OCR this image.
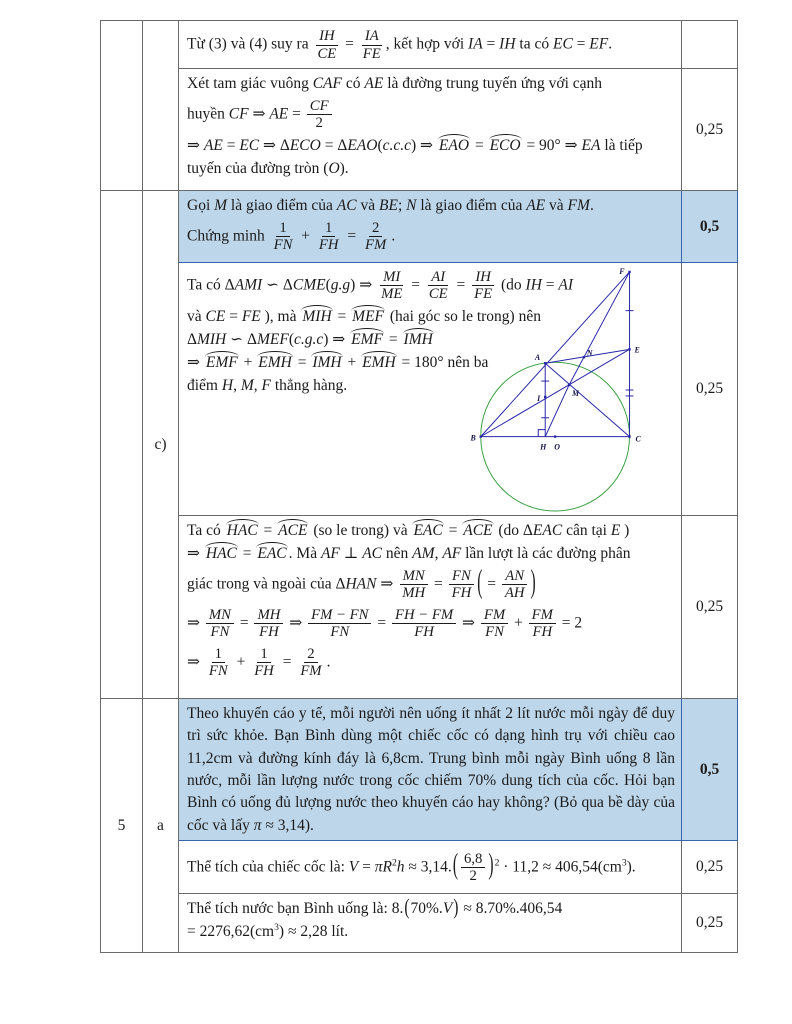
Từ (3) và (4) suy ra $\frac{IH}{CE} = \frac{IA}{FE}$ , kết hợp với IA = IH ta có EC = EF.

Xét tam giác vuông CAF có AE là đường trung tuyến ứng với cạnh
huyền CF ⇒ AE = $\frac{CF}{2}$
⇒ AE = EC ⇒ ΔECO = ΔEAO(c.c.c) ⇒ EAO = ECO = 90° ⇒ EA là tiếp
tuyến của đường tròn (O).
	0,25
	c)	
Gọi M là giao điểm của AC và BE; N là giao điểm của AE và FM.
Chứng minh $\frac{1}{FN} + \frac{1}{FH} = \frac{2}{FM}$ .
	0,5

Ta có ΔAMI ∽ ΔCME(g.g) ⇒ $\frac{MI}{ME} = \frac{AI}{CE} = \frac{IH}{FE} (do$ IH = AI
và CE = FE ), mà MIH = MEF (hai góc so le trong) nên
ΔMIH ∽ ΔMEF(c.g.c) ⇒ EMF = IMH
⇒ EMF + EMH = IMH + EMH = 180° nên ba
điểm H, M, F thẳng hàng.
F
E
A
B	C
H O
I
M
N
	0,25

Ta có HAC = ACE (so le trong) và EAC = ACE (do ΔEAC cân tại E )
⇒ HAC = EAC . Mà AF ⊥ AC nên AM, AF lần lượt là các đường phân
giác trong và ngoài của ΔHAN ⇒ $\frac{MN}{MH} = \frac{FN}{FH}$ ( = $\frac{AN}{AH}$ )
⇒ $\frac{MN}{FN} = \frac{MH}{FH}$ ⇒ $\frac{FM - FN}{FN} = \frac{FH - FM}{FH}$ ⇒ $\frac{FM}{FN} + \frac{FM}{FH} = 2$
⇒ $\frac{1}{FN} + \frac{1}{FH} = \frac{2}{FM}$ .
	0,25
5	a	Theo khuyến cáo y tế, mỗi người nên uống ít nhất 2 lít nước mỗi ngày để duy trì sức khỏe. Bạn Bình dùng một chiếc cốc có dạng hình trụ với chiều cao 11,2cm và đường kính đáy là 6,8cm. Trung bình mỗi ngày Bình uống 8 lần nước, mỗi lần lượng nước trong cốc chiếm 70% dung tích của cốc. Hỏi bạn Bình có uống đủ lượng nước theo khuyến cáo hay không? (Bỏ qua bề dày của cốc và lấy π ≈ 3,14).	0,5

		Thể tích của chiếc cốc là: $V = \pi R^2h \approx 3,14.( \frac{6,8}{2} )^2 \cdot 11,2 \approx 406,54(cm^3)$.	0,25

		Thể tích nước bạn Bình uống là: 8.(70%.V) ≈ 8.70%.406,54
= $2276,62(cm^3) \approx 2,28$ lít.	0,25
